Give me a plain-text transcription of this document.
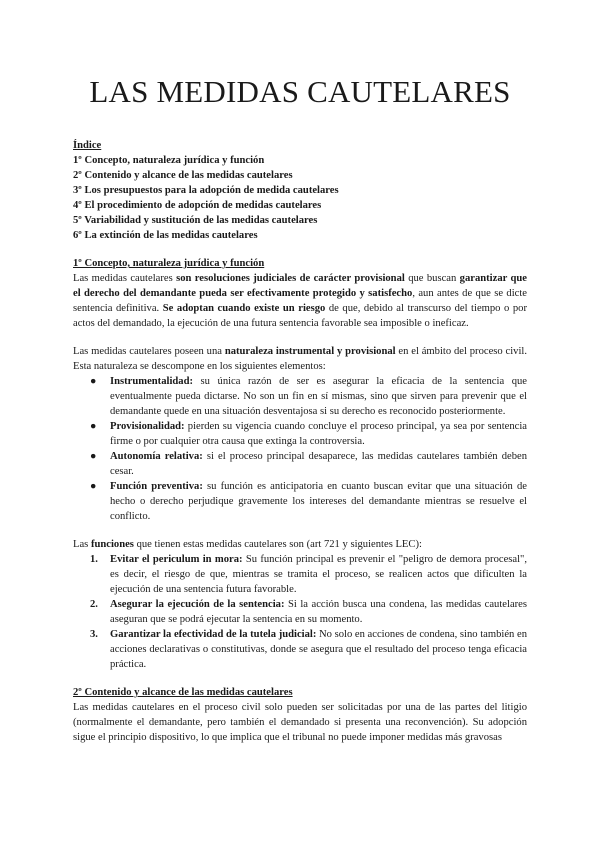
LAS MEDIDAS CAUTELARES

Índice

1º Concepto, naturaleza jurídica y función

2º Contenido y alcance de las medidas cautelares

3º Los presupuestos para la adopción de medida cautelares

4º El procedimiento de adopción de medidas cautelares

5º Variabilidad y sustitución de las medidas cautelares

6º La extinción de las medidas cautelares

1º Concepto, naturaleza jurídica y función

Las medidas cautelares son resoluciones judiciales de carácter provisional que buscan garantizar que el derecho del demandante pueda ser efectivamente protegido y satisfecho, aun antes de que se dicte sentencia definitiva. Se adoptan cuando existe un riesgo de que, debido al transcurso del tiempo o por actos del demandado, la ejecución de una futura sentencia favorable sea imposible o ineficaz.

Las medidas cautelares poseen una naturaleza instrumental y provisional en el ámbito del proceso civil. Esta naturaleza se descompone en los siguientes elementos:

● Instrumentalidad: su única razón de ser es asegurar la eficacia de la sentencia que eventualmente pueda dictarse. No son un fin en sí mismas, sino que sirven para prevenir que el demandante quede en una situación desventajosa si su derecho es reconocido posteriormente.
● Provisionalidad: pierden su vigencia cuando concluye el proceso principal, ya sea por sentencia firme o por cualquier otra causa que extinga la controversia.
● Autonomía relativa: si el proceso principal desaparece, las medidas cautelares también deben cesar.
● Función preventiva: su función es anticipatoria en cuanto buscan evitar que una situación de hecho o derecho perjudique gravemente los intereses del demandante mientras se resuelve el conflicto.

Las funciones que tienen estas medidas cautelares son (art 721 y siguientes LEC):

1. Evitar el periculum in mora: Su función principal es prevenir el "peligro de demora procesal", es decir, el riesgo de que, mientras se tramita el proceso, se realicen actos que dificulten la ejecución de una sentencia futura favorable.
2. Asegurar la ejecución de la sentencia: Si la acción busca una condena, las medidas cautelares aseguran que se podrá ejecutar la sentencia en su momento.
3. Garantizar la efectividad de la tutela judicial: No solo en acciones de condena, sino también en acciones declarativas o constitutivas, donde se asegura que el resultado del proceso tenga eficacia práctica.

2º Contenido y alcance de las medidas cautelares

Las medidas cautelares en el proceso civil solo pueden ser solicitadas por una de las partes del litigio (normalmente el demandante, pero también el demandado si presenta una reconvención). Su adopción sigue el principio dispositivo, lo que implica que el tribunal no puede imponer medidas más gravosas
